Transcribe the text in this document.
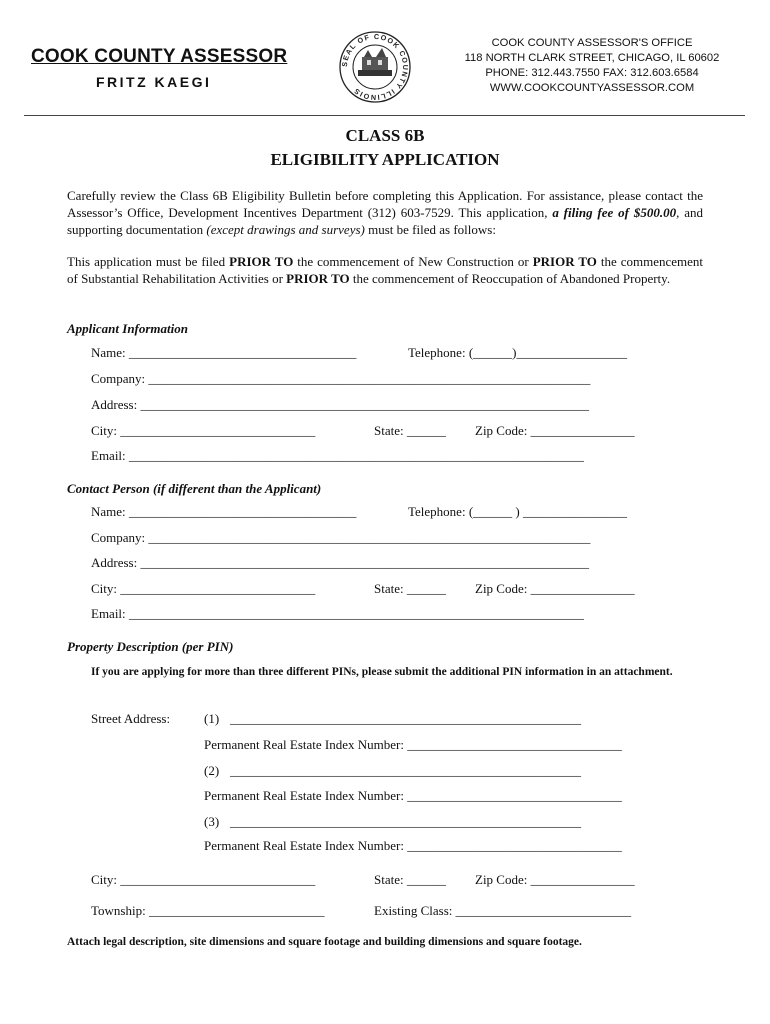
COOK COUNTY ASSESSOR
FRITZ KAEGI
SEAL OF COOK COUNTY ILLINOIS
COOK COUNTY ASSESSOR'S OFFICE
118 NORTH CLARK STREET, CHICAGO, IL 60602
PHONE: 312.443.7550 FAX: 312.603.6584
WWW.COOKCOUNTYASSESSOR.COM
CLASS 6B
ELIGIBILITY APPLICATION
Carefully review the Class 6B Eligibility Bulletin before completing this Application. For assistance, please contact the Assessor’s Office, Development Incentives Department (312) 603-7529. This application, a filing fee of $500.00, and supporting documentation (except drawings and surveys) must be filed as follows:
This application must be filed PRIOR TO the commencement of New Construction or PRIOR TO the commencement of Substantial Rehabilitation Activities or PRIOR TO the commencement of Reoccupation of Abandoned Property.
Applicant Information
Name: ___________________________________	Telephone: (______)_________________
Company: ____________________________________________________________________
Address: _____________________________________________________________________
City: ______________________________	State: ______ Zip Code: ________________
Email: ______________________________________________________________________
Contact Person (if different than the Applicant)
Name: ___________________________________	Telephone: (______ ) ________________
Company: ____________________________________________________________________
Address: _____________________________________________________________________
City: ______________________________	State: ______ Zip Code: ________________
Email: ______________________________________________________________________
Property Description (per PIN)
If you are applying for more than three different PINs, please submit the additional PIN information in an attachment.
Street Address:	(1) ______________________________________________________
Permanent Real Estate Index Number: _________________________________
(2) ______________________________________________________
Permanent Real Estate Index Number: _________________________________
(3) ______________________________________________________
Permanent Real Estate Index Number: _________________________________
City: ______________________________	State: ______ Zip Code: ________________
Township: ___________________________	Existing Class: ___________________________
Attach legal description, site dimensions and square footage and building dimensions and square footage.
